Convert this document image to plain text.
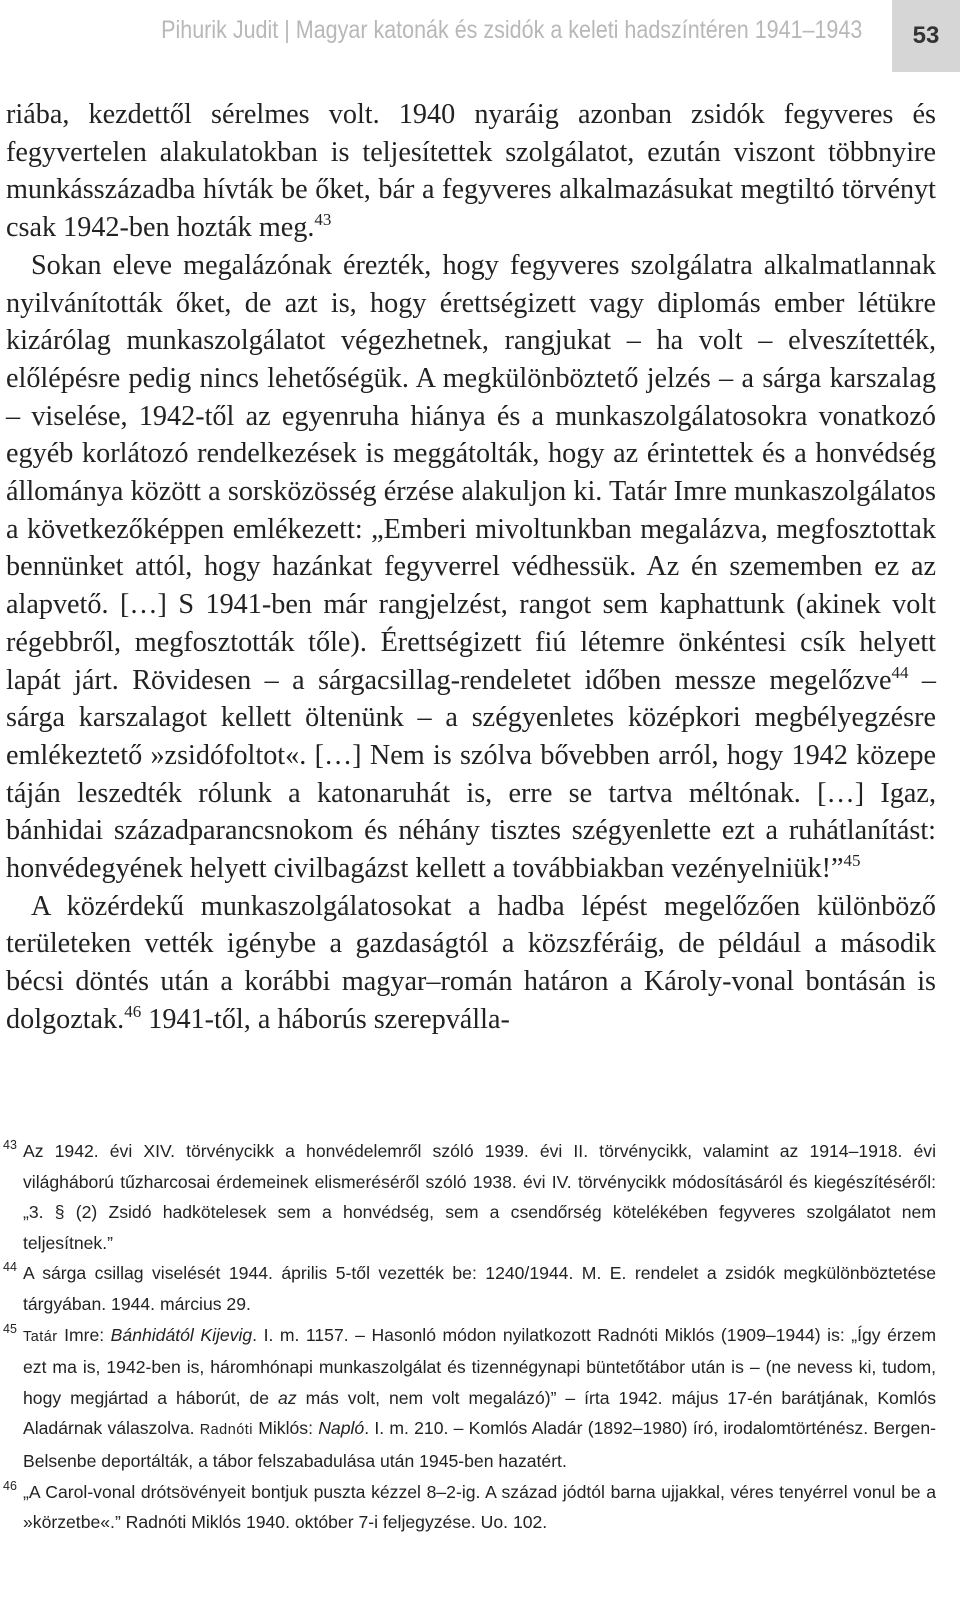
Pihurik Judit | Magyar katonák és zsidók a keleti hadszíntéren 1941–1943	53

riába, kezdettől sérelmes volt. 1940 nyaráig azonban zsidók fegyveres és fegyvertelen alakulatokban is teljesítettek szolgálatot, ezután viszont többnyire munkásszázadba hívták be őket, bár a fegyveres alkalmazásukat megtiltó törvényt csak 1942-ben hozták meg.$^{43}$

Sokan eleve megalázónak érezték, hogy fegyveres szolgálatra alkalmatlannak nyilvánították őket, de azt is, hogy érettségizett vagy diplomás ember létükre kizárólag munkaszolgálatot végezhetnek, rangjukat – ha volt – elveszítették, előlépésre pedig nincs lehetőségük. A megkülönböztető jelzés – a sárga karszalag – viselése, 1942-től az egyenruha hiánya és a munkaszolgálatosokra vonatkozó egyéb korlátozó rendelkezések is meggátolták, hogy az érintettek és a honvédség állománya között a sorsközösség érzése alakuljon ki. Tatár Imre munkaszolgálatos a következőképpen emlékezett: „Emberi mivoltunkban megalázva, megfosztottak bennünket attól, hogy hazánkat fegyverrel védhessük. Az én szememben ez az alapvető. […] S 1941-ben már rangjelzést, rangot sem kaphattunk (akinek volt régebbről, megfosztották tőle). Érettségizett fiú létemre önkéntesi csík helyett lapát járt. Rövidesen – a sárgacsillag-rendeletet időben messze megelőzve$^{44}$ – sárga karszalagot kellett öltenünk – a szégyenletes középkori megbélyegzésre emlékeztető »zsidófoltot«. […] Nem is szólva bővebben arról, hogy 1942 közepe táján leszedték rólunk a katonaruhát is, erre se tartva méltónak. […] Igaz, bánhidai századparancsnokom és néhány tisztes szégyenlette ezt a ruhátlanítást: honvédegyének helyett civilbagázst kellett a továbbiakban vezényelniük!”$^{45}$

A közérdekű munkaszolgálatosokat a hadba lépést megelőzően különböző területeken vették igénybe a gazdaságtól a közszféráig, de például a második bécsi döntés után a korábbi magyar–román határon a Károly-vonal bontásán is dolgoztak.$^{46}$ 1941-től, a háborús szerepválla-

43 Az 1942. évi XIV. törvénycikk a honvédelemről szóló 1939. évi II. törvénycikk, valamint az 1914–1918. évi világháború tűzharcosai érdemeinek elismeréséről szóló 1938. évi IV. törvénycikk módosításáról és kiegészítéséről: „3. § (2) Zsidó hadkötelesek sem a honvédség, sem a csendőrség kötelékében fegyveres szolgálatot nem teljesítnek.”

44 A sárga csillag viselését 1944. április 5-től vezették be: 1240/1944. M. E. rendelet a zsidók megkülönböztetése tárgyában. 1944. március 29.

45 Tatár Imre: Bánhidától Kijevig. I. m. 1157. – Hasonló módon nyilatkozott Radnóti Miklós (1909–1944) is: „Így érzem ezt ma is, 1942-ben is, háromhónapi munkaszolgálat és tizennégynapi büntetőtábor után is – (ne nevess ki, tudom, hogy megjártad a háborút, de az más volt, nem volt megalázó)” – írta 1942. május 17-én barátjának, Komlós Aladárnak válaszolva. Radnóti Miklós: Napló. I. m. 210. – Komlós Aladár (1892–1980) író, irodalomtörténész. Bergen-Belsenbe deportálták, a tábor felszabadulása után 1945-ben hazatért.

46 „A Carol-vonal drótsövényeit bontjuk puszta kézzel 8–2-ig. A század jódtól barna ujjakkal, véres tenyérrel vonul be a »körzetbe«.” Radnóti Miklós 1940. október 7-i feljegyzése. Uo. 102.
